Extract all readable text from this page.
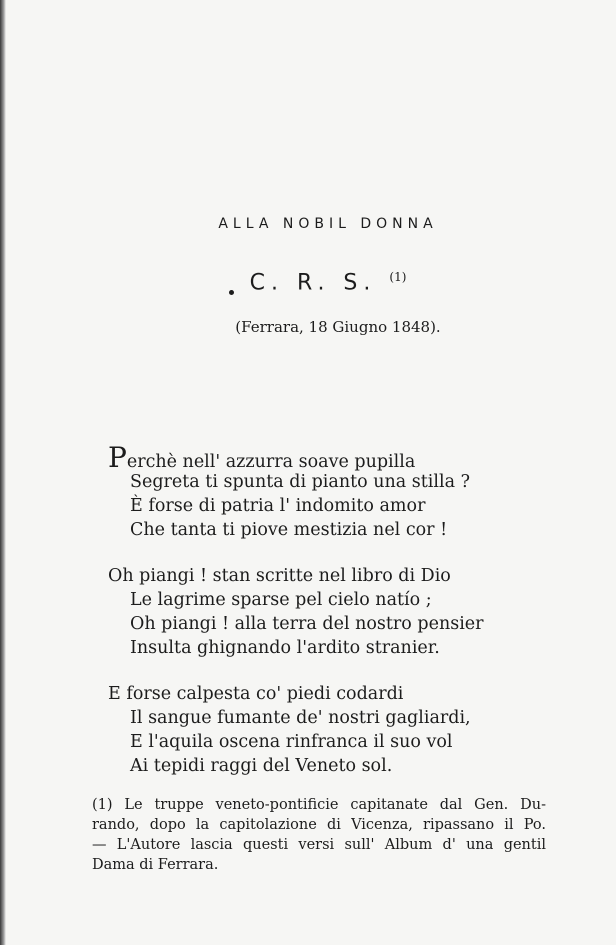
ALLA NOBIL DONNA
C. R. S. $^{(1)}$
(Ferrara, 18 Giugno 1848).
Perchè nell' azzurra soave pupilla
Segreta ti spunta di pianto una stilla ?
È forse di patria l' indomito amor
Che tanta ti piove mestizia nel cor !
Oh piangi ! stan scritte nel libro di Dio
Le lagrime sparse pel cielo natío ;
Oh piangi ! alla terra del nostro pensier
Insulta ghignando l'ardito stranier.
E forse calpesta co' piedi codardi
Il sangue fumante de' nostri gagliardi,
E l'aquila oscena rinfranca il suo vol
Ai tepidi raggi del Veneto sol.
(1) Le truppe veneto-pontificie capitanate dal Gen. Du-
rando, dopo la capitolazione di Vicenza, ripassano il Po.
— L'Autore lascia questi versi sull' Album d' una gentil
Dama di Ferrara.
